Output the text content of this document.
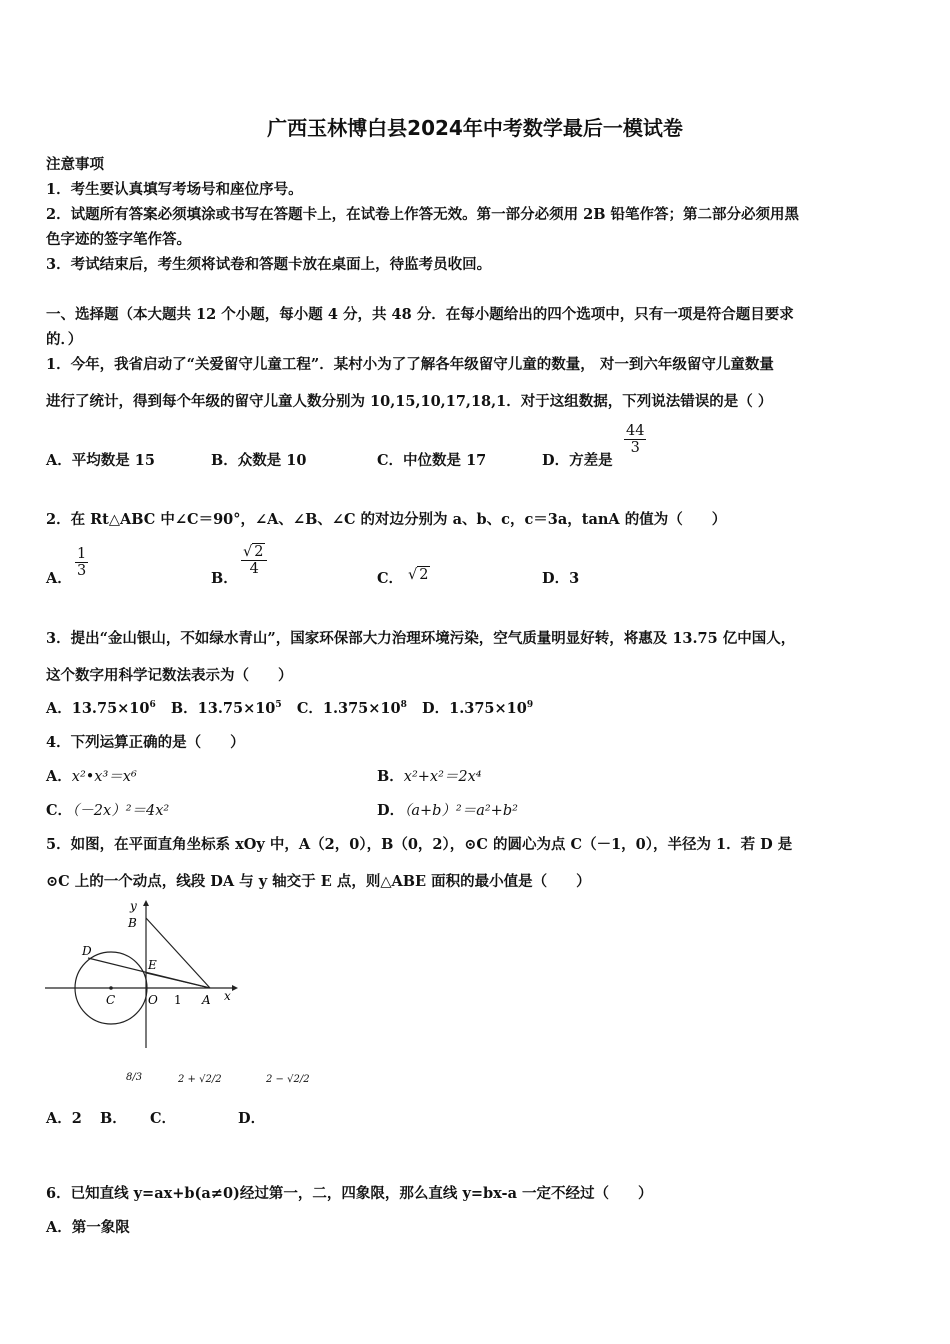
广西玉林博白县2024年中考数学最后一模试卷
注意事项
1．考生要认真填写考场号和座位序号。
2．试题所有答案必须填涂或书写在答题卡上，在试卷上作答无效。第一部分必须用 2B 铅笔作答；第二部分必须用黑
色字迹的签字笔作答。
3．考试结束后，考生须将试卷和答题卡放在桌面上，待监考员收回。
一、选择题（本大题共 12 个小题，每小题 4 分，共 48 分．在每小题给出的四个选项中，只有一项是符合题目要求
的．）
1．今年，我省启动了“关爱留守儿童工程”．某村小为了了解各年级留守儿童的数量， 对一到六年级留守儿童数量
进行了统计，得到每个年级的留守儿童人数分别为 10,15,10,17,18,1．对于这组数据，下列说法错误的是（ ）
A．平均数是 15	B．众数是 10	C．中位数是 17	D．方差是
$\frac{44}{3}$
2．在 Rt△ABC 中∠C＝90°，∠A、∠B、∠C 的对边分别为 a、b、c，c＝3a，tanA 的值为（　　）
A． $\frac{1}{3}$	B．
$\frac{√ 2}{4}$
C． √ 2	D．3
3．提出“金山银山，不如绿水青山”，国家环保部大力治理环境污染，空气质量明显好转，将惠及 13.75 亿中国人，
这个数字用科学记数法表示为（　　）
A．$13.75\times 10^6$ B．$13.75\times 10^5$ C．$1.375\times 10^8$ D．$1.375\times 10^9$
4．下列运算正确的是（　　）
A．x²•x³＝x⁶	B．x²+x²＝2x⁴
C．（－2x）²＝4x²	D．（a+b）²＝a²+b²
5．如图，在平面直角坐标系 xOy 中，A（2，0），B（0，2），⊙C 的圆心为点 C（－1，0），半径为 1．若 D 是
⊙C 上的一个动点，线段 DA 与 y 轴交于 E 点，则△ABE 面积的最小值是（　　）
y
B
D
E
C	O 1 A x
8/3	2 + √2/2	2 − √2/2
A．2 B． C．	D．
6．已知直线 y=ax+b(a≠0)经过第一，二，四象限，那么直线 y=bx-a 一定不经过（　　）
A．第一象限
